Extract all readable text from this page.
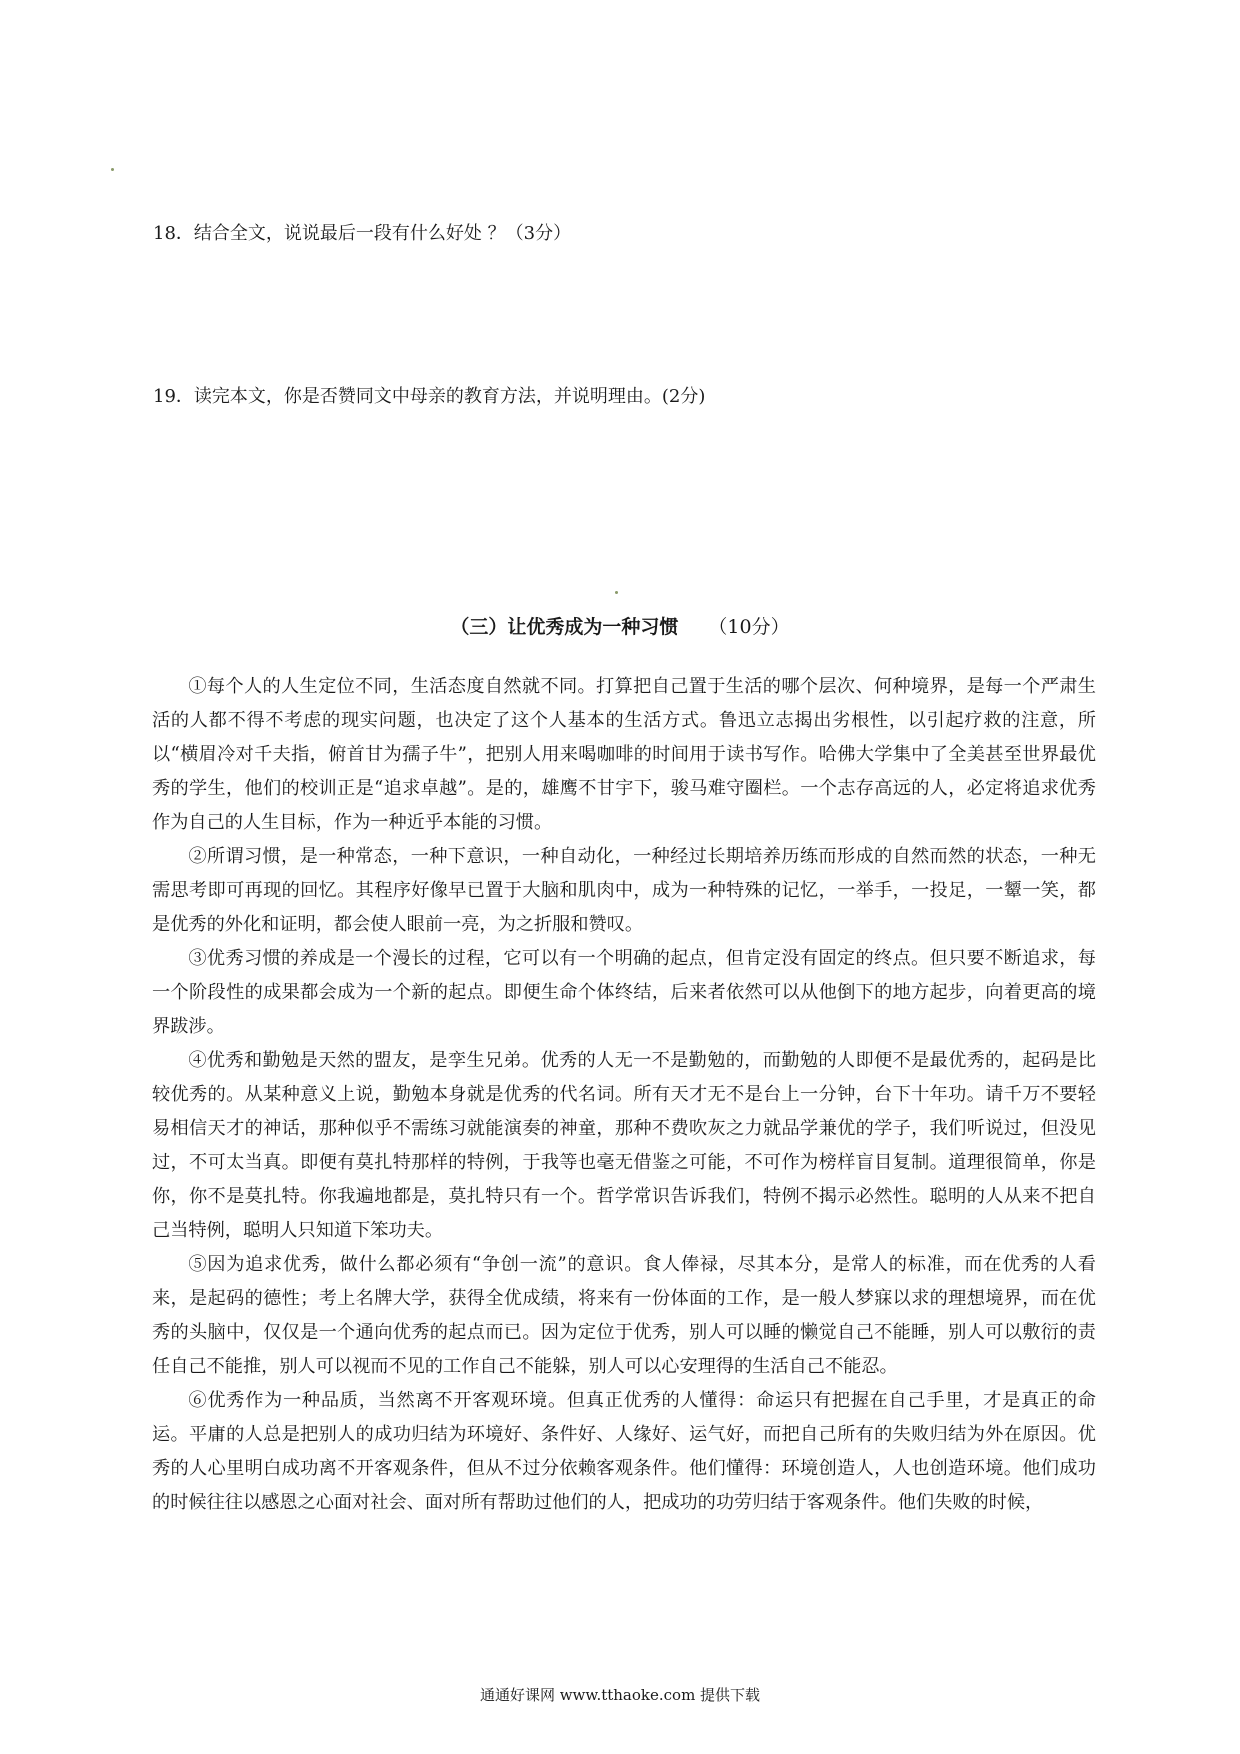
18．结合全文，说说最后一段有什么好处 ？（3分）
19．读完本文，你是否赞同文中母亲的教育方法，并说明理由。(2分)
（三）让优秀成为一种习惯 （10分）

①每个人的人生定位不同，生活态度自然就不同。打算把自己置于生活的哪个层次、何种境界，是每一个严肃生活的人都不得不考虑的现实问题，也决定了这个人基本的生活方式。鲁迅立志揭出劣根性，以引起疗救的注意，所以“横眉冷对千夫指，俯首甘为孺子牛”，把别人用来喝咖啡的时间用于读书写作。哈佛大学集中了全美甚至世界最优秀的学生，他们的校训正是“追求卓越”。是的，雄鹰不甘宇下，骏马难守圈栏。一个志存高远的人，必定将追求优秀作为自己的人生目标，作为一种近乎本能的习惯。

②所谓习惯，是一种常态，一种下意识，一种自动化，一种经过长期培养历练而形成的自然而然的状态，一种无需思考即可再现的回忆。其程序好像早已置于大脑和肌肉中，成为一种特殊的记忆，一举手，一投足，一颦一笑，都是优秀的外化和证明，都会使人眼前一亮，为之折服和赞叹。

③优秀习惯的养成是一个漫长的过程，它可以有一个明确的起点，但肯定没有固定的终点。但只要不断追求，每一个阶段性的成果都会成为一个新的起点。即便生命个体终结，后来者依然可以从他倒下的地方起步，向着更高的境界跋涉。

④优秀和勤勉是天然的盟友，是孪生兄弟。优秀的人无一不是勤勉的，而勤勉的人即便不是最优秀的，起码是比较优秀的。从某种意义上说，勤勉本身就是优秀的代名词。所有天才无不是台上一分钟，台下十年功。请千万不要轻易相信天才的神话，那种似乎不需练习就能演奏的神童，那种不费吹灰之力就品学兼优的学子，我们听说过，但没见过，不可太当真。即便有莫扎特那样的特例，于我等也毫无借鉴之可能，不可作为榜样盲目复制。道理很简单，你是你，你不是莫扎特。你我遍地都是，莫扎特只有一个。哲学常识告诉我们，特例不揭示必然性。聪明的人从来不把自己当特例，聪明人只知道下笨功夫。

⑤因为追求优秀，做什么都必须有“争创一流”的意识。食人俸禄，尽其本分，是常人的标准，而在优秀的人看来，是起码的德性；考上名牌大学，获得全优成绩，将来有一份体面的工作，是一般人梦寐以求的理想境界，而在优秀的头脑中，仅仅是一个通向优秀的起点而已。因为定位于优秀，别人可以睡的懒觉自己不能睡，别人可以敷衍的责任自己不能推，别人可以视而不见的工作自己不能躲，别人可以心安理得的生活自己不能忍。

⑥优秀作为一种品质，当然离不开客观环境。但真正优秀的人懂得：命运只有把握在自己手里，才是真正的命运。平庸的人总是把别人的成功归结为环境好、条件好、人缘好、运气好，而把自己所有的失败归结为外在原因。优秀的人心里明白成功离不开客观条件，但从不过分依赖客观条件。他们懂得：环境创造人，人也创造环境。他们成功的时候往往以感恩之心面对社会、面对所有帮助过他们的人，把成功的功劳归结于客观条件。他们失败的时候，

通通好课网 www.tthaoke.com 提供下载
